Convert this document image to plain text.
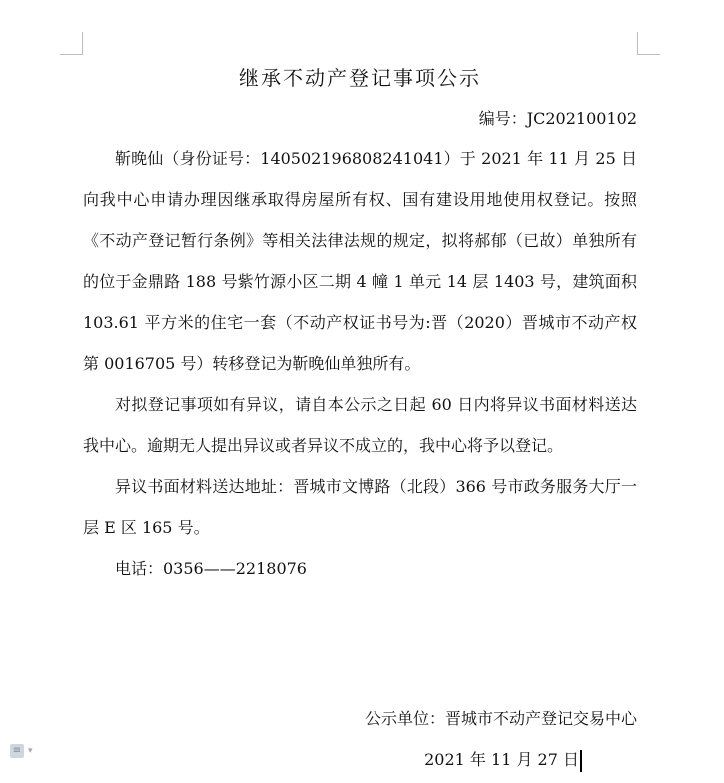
继承不动产登记事项公示
编号：JC202100102

靳晚仙（身份证号：140502196808241041）于 2021 年 11 月 25 日向我中心申请办理因继承取得房屋所有权、国有建设用地使用权登记。按照《不动产登记暂行条例》等相关法律法规的规定，拟将郝郁（已故）单独所有的位于金鼎路 188 号紫竹源小区二期 4 幢 1 单元 14 层 1403 号，建筑面积 103.61 平方米的住宅一套（不动产权证书号为:晋（2020）晋城市不动产权第 0016705 号）转移登记为靳晚仙单独所有。

对拟登记事项如有异议，请自本公示之日起 60 日内将异议书面材料送达我中心。逾期无人提出异议或者异议不成立的，我中心将予以登记。

异议书面材料送达地址：晋城市文博路（北段）366 号市政务服务大厅一层 E 区 165 号。

电话：0356——2218076

公示单位：晋城市不动产登记交易中心
2021 年 11 月 27 日
≡ ▾
